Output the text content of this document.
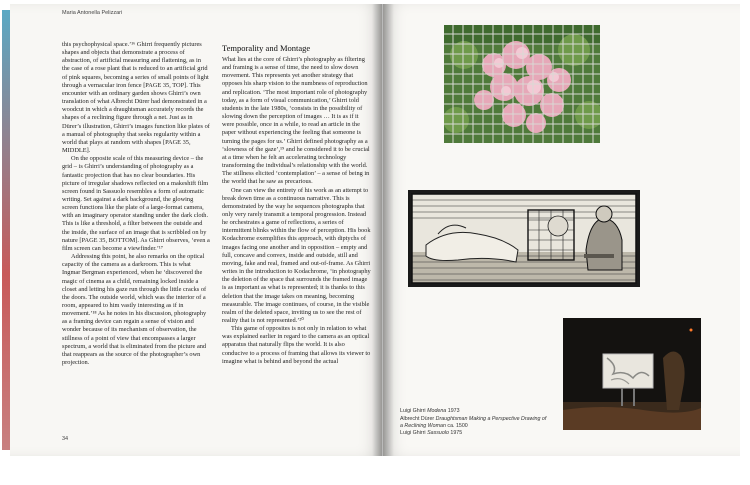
Maria Antonella Pelizzari

this psychophysical space.’¹⁶ Ghirri frequently pictures shapes and objects that demonstrate a process of abstraction, of artificial measuring and flattening, as in the case of a rose plant that is reduced to an artificial grid of pink squares, becoming a series of small points of light through a vernacular iron fence [PAGE 35, TOP]. This encounter with an ordinary garden shows Ghirri’s own translation of what Albrecht Dürer had demonstrated in a woodcut in which a draughtsman accurately records the shapes of a reclining figure through a net. Just as in Dürer’s illustration, Ghirri’s images function like plates of a manual of photography that seeks regularity within a world that plays at random with shapes [PAGE 35, MIDDLE].

On the opposite scale of this measuring device – the grid – is Ghirri’s understanding of photography as a fantastic projection that has no clear boundaries. His picture of irregular shadows reflected on a makeshift film screen found in Sassuolo resembles a form of automatic writing. Set against a dark background, the glowing screen functions like the plate of a large-format camera, with an imaginary operator standing under the dark cloth. This is like a threshold, a filter between the outside and the inside, the surface of an image that is scribbled on by nature [PAGE 35, BOTTOM]. As Ghirri observes, ‘even a film screen can become a viewfinder.’¹⁷

Addressing this point, he also remarks on the optical capacity of the camera as a darkroom. This is what Ingmar Bergman experienced, when he ‘discovered the magic of cinema as a child, remaining locked inside a closet and letting his gaze run through the little cracks of the doors. The outside world, which was the interior of a room, appeared to him vastly interesting as if in movement.’¹⁸ As he notes in his discussion, photography as a framing device can regain a sense of vision and wonder because of its mechanism of observation, the stillness of a point of view that encompasses a larger spectrum, a world that is eliminated from the picture and that reappears as the source of the photographer’s own projection.

Temporality and Montage

What lies at the core of Ghirri’s photography as filtering and framing is a sense of time, the need to slow down movement. This represents yet another strategy that opposes his sharp vision to the numbness of reproduction and replication. ‘The most important role of photography today, as a form of visual communication,’ Ghirri told students in the late 1980s, ‘consists in the possibility of slowing down the perception of images … It is as if it were possible, once in a while, to read an article in the paper without experiencing the feeling that someone is turning the pages for us.’ Ghirri defined photography as a ‘slowness of the gaze’,¹⁹ and he considered it to be crucial at a time when he felt an accelerating technology transforming the individual’s relationship with the world. The stillness elicited ‘contemplation’ – a sense of being in the world that he saw as precarious.

One can view the entirety of his work as an attempt to break down time as a continuous narrative. This is demonstrated by the way he sequences photographs that only very rarely transmit a temporal progression. Instead he orchestrates a game of reflections, a series of intermittent blinks within the flow of perception. His book Kodachrome exemplifies this approach, with diptychs of images facing one another and in opposition – empty and full, concave and convex, inside and outside, still and moving, fake and real, framed and out-of-frame. As Ghirri writes in the introduction to Kodachrome, ‘in photography the deletion of the space that surrounds the framed image is as important as what is represented; it is thanks to this deletion that the image takes on meaning, becoming measurable. The image continues, of course, in the visible realm of the deleted space, inviting us to see the rest of reality that is not represented.’²⁰

This game of opposites is not only in relation to what was explained earlier in regard to the camera as an optical apparatus that naturally flips the world. It is also conducive to a process of framing that allows its viewer to imagine what is behind and beyond the actual

34
Luigi Ghirri Modena 1973
Albrecht Dürer Draughtsman Making a Perspective Drawing of a Reclining Woman ca. 1500
Luigi Ghirri Sassuolo 1975
